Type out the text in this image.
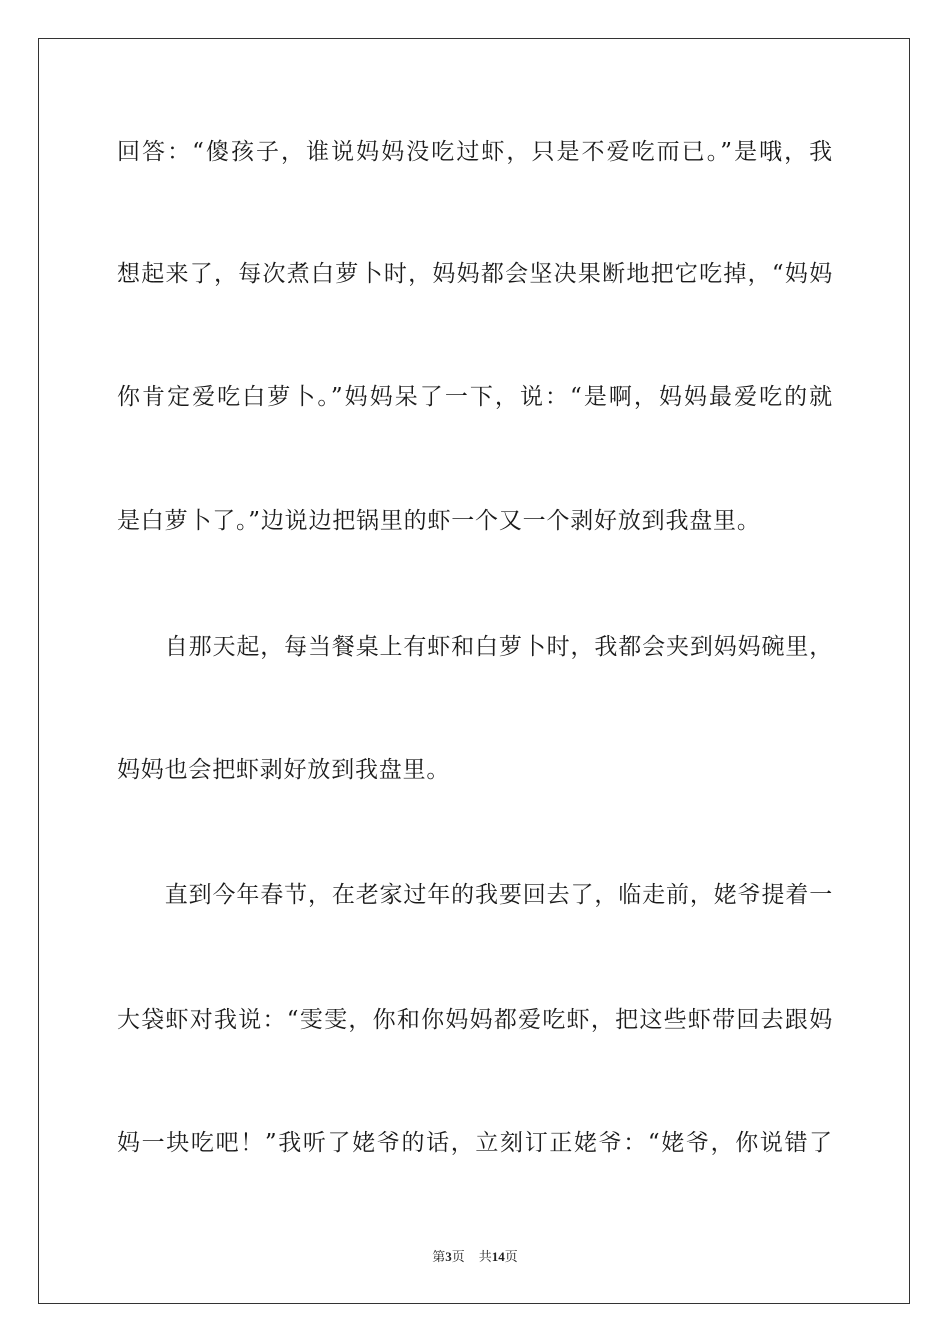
回答：“傻孩子，谁说妈妈没吃过虾，只是不爱吃而已。”是哦，我
想起来了，每次煮白萝卜时，妈妈都会坚决果断地把它吃掉，“妈妈
你肯定爱吃白萝卜。”妈妈呆了一下，说：“是啊，妈妈最爱吃的就
是白萝卜了。”边说边把锅里的虾一个又一个剥好放到我盘里。
　　自那天起，每当餐桌上有虾和白萝卜时，我都会夹到妈妈碗里，
妈妈也会把虾剥好放到我盘里。
　　直到今年春节，在老家过年的我要回去了，临走前，姥爷提着一
大袋虾对我说：“雯雯，你和你妈妈都爱吃虾，把这些虾带回去跟妈
妈一块吃吧！”我听了姥爷的话，立刻订正姥爷：“姥爷，你说错了
第3页 共14页
